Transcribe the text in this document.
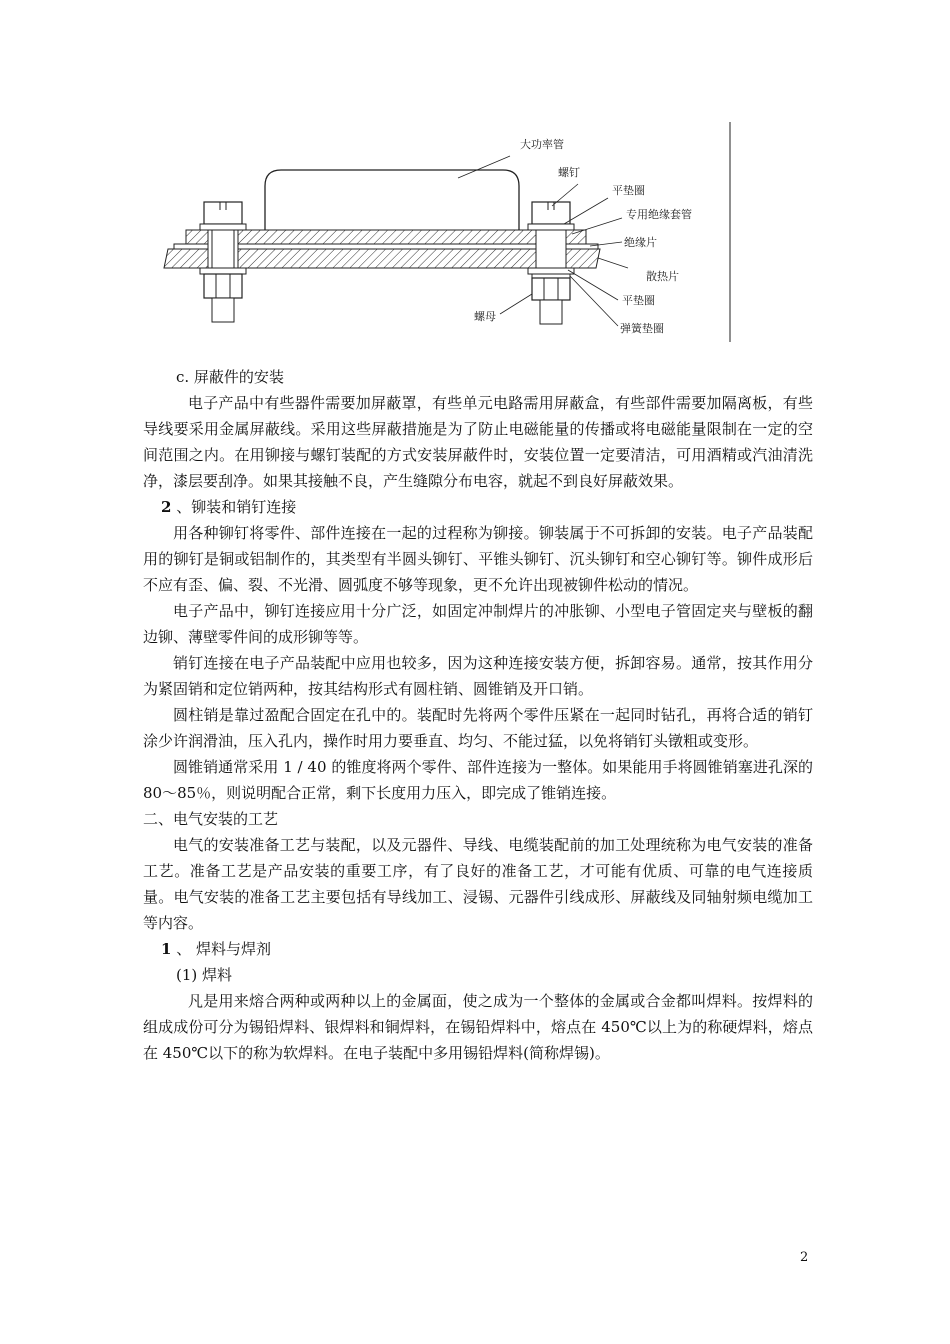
大功率管
螺钉
平垫圈
专用绝缘套管
绝缘片
散热片
平垫圈
螺母
弹簧垫圈

c. 屏蔽件的安装

电子产品中有些器件需要加屏蔽罩，有些单元电路需用屏蔽盒，有些部件需要加隔离板，有些导线要采用金属屏蔽线。采用这些屏蔽措施是为了防止电磁能量的传播或将电磁能量限制在一定的空间范围之内。在用铆接与螺钉装配的方式安装屏蔽件时，安装位置一定要清洁，可用酒精或汽油清洗净，漆层要刮净。如果其接触不良，产生缝隙分布电容，就起不到良好屏蔽效果。

2 、铆装和销钉连接

用各种铆钉将零件、部件连接在一起的过程称为铆接。铆装属于不可拆卸的安装。电子产品装配用的铆钉是铜或铝制作的，其类型有半圆头铆钉、平锥头铆钉、沉头铆钉和空心铆钉等。铆件成形后不应有歪、偏、裂、不光滑、圆弧度不够等现象，更不允许出现被铆件松动的情况。

电子产品中，铆钉连接应用十分广泛，如固定冲制焊片的冲胀铆、小型电子管固定夹与壁板的翻边铆、薄壁零件间的成形铆等等。

销钉连接在电子产品装配中应用也较多，因为这种连接安装方便，拆卸容易。通常，按其作用分为紧固销和定位销两种，按其结构形式有圆柱销、圆锥销及开口销。

圆柱销是靠过盈配合固定在孔中的。装配时先将两个零件压紧在一起同时钻孔，再将合适的销钉涂少许润滑油，压入孔内，操作时用力要垂直、均匀、不能过猛，以免将销钉头镦粗或变形。

圆锥销通常采用 1 / 40 的锥度将两个零件、部件连接为一整体。如果能用手将圆锥销塞进孔深的 80～85％，则说明配合正常，剩下长度用力压入，即完成了锥销连接。

二、电气安装的工艺

电气的安装准备工艺与装配，以及元器件、导线、电缆装配前的加工处理统称为电气安装的准备工艺。准备工艺是产品安装的重要工序，有了良好的准备工艺，才可能有优质、可靠的电气连接质量。电气安装的准备工艺主要包括有导线加工、浸锡、元器件引线成形、屏蔽线及同轴射频电缆加工等内容。

1 、 焊料与焊剂

(1) 焊料

凡是用来熔合两种或两种以上的金属面，使之成为一个整体的金属或合金都叫焊料。按焊料的组成成份可分为锡铅焊料、银焊料和铜焊料，在锡铅焊料中，熔点在 450℃以上为的称硬焊料，熔点在 450℃以下的称为软焊料。在电子装配中多用锡铅焊料(简称焊锡)。

2
